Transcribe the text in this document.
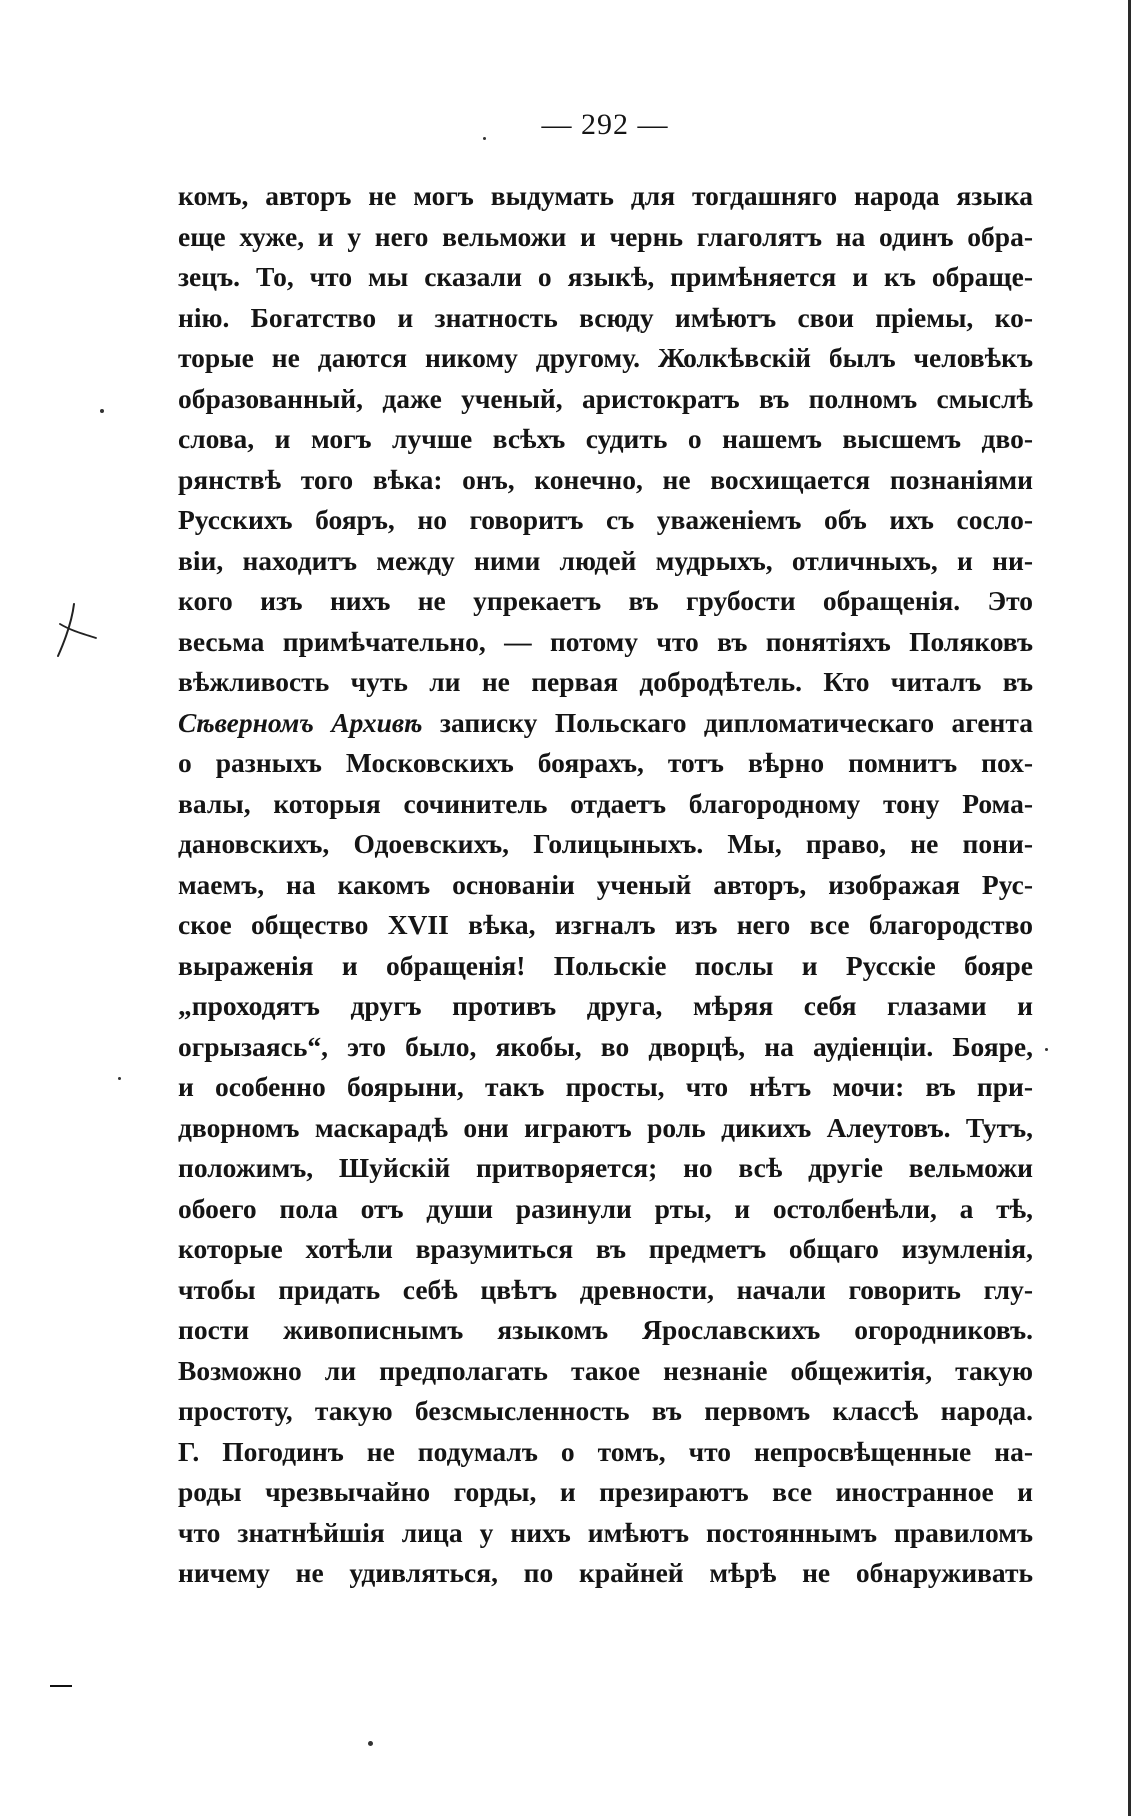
— 292 —
комъ, авторъ не могъ выдумать для тогдашняго народа языка
еще хуже, и у него вельможи и чернь глаголятъ на одинъ обра-
зецъ. То, что мы сказали о языкѣ, примѣняется и къ обраще-
нiю. Богатство и знатность всюду имѣютъ свои прiемы, ко-
торые не даются никому другому. Жолкѣвскiй былъ человѣкъ
образованный, даже ученый, аристократъ въ полномъ смыслѣ
слова, и могъ лучше всѣхъ судить о нашемъ высшемъ дво-
рянствѣ того вѣка: онъ, конечно, не восхищается познанiями
Русскихъ бояръ, но говоритъ съ уваженiемъ объ ихъ сосло-
вiи, находитъ между ними людей мудрыхъ, отличныхъ, и ни-
кого изъ нихъ не упрекаетъ въ грубости обращенiя. Это
весьма примѣчательно, — потому что въ понятiяхъ Поляковъ
вѣжливость чуть ли не первая добродѣтель. Кто читалъ въ
Сѣверномъ Архивѣ записку Польскаго дипломатическаго агента
о разныхъ Московскихъ боярахъ, тотъ вѣрно помнитъ пох-
валы, которыя сочинитель отдаетъ благородному тону Рома-
дановскихъ, Одоевскихъ, Голицыныхъ. Мы, право, не пони-
маемъ, на какомъ основанiи ученый авторъ, изображая Рус-
ское общество XVII вѣка, изгналъ изъ него все благородство
выраженiя и обращенiя! Польскiе послы и Русскiе бояре
„проходятъ другъ противъ друга, мѣряя себя глазами и
огрызаясь“, это было, якобы, во дворцѣ, на аудiенцiи. Бояре,
и особенно боярыни, такъ просты, что нѣтъ мочи: въ при-
дворномъ маскарадѣ они играютъ роль дикихъ Алеутовъ. Тутъ,
положимъ, Шуйскiй притворяется; но всѣ другiе вельможи
обоего пола отъ души разинули рты, и остолбенѣли, а тѣ,
которые хотѣли вразумиться въ предметъ общаго изумленiя,
чтобы придать себѣ цвѣтъ древности, начали говорить глу-
пости живописнымъ языкомъ Ярославскихъ огородниковъ.
Возможно ли предполагать такое незнанiе общежитiя, такую
простоту, такую безсмысленность въ первомъ классѣ народа.
Г. Погодинъ не подумалъ о томъ, что непросвѣщенные на-
роды чрезвычайно горды, и презираютъ все иностранное и
что знатнѣйшiя лица у нихъ имѣютъ постояннымъ правиломъ
ничему не удивляться, по крайней мѣрѣ не обнаруживать
